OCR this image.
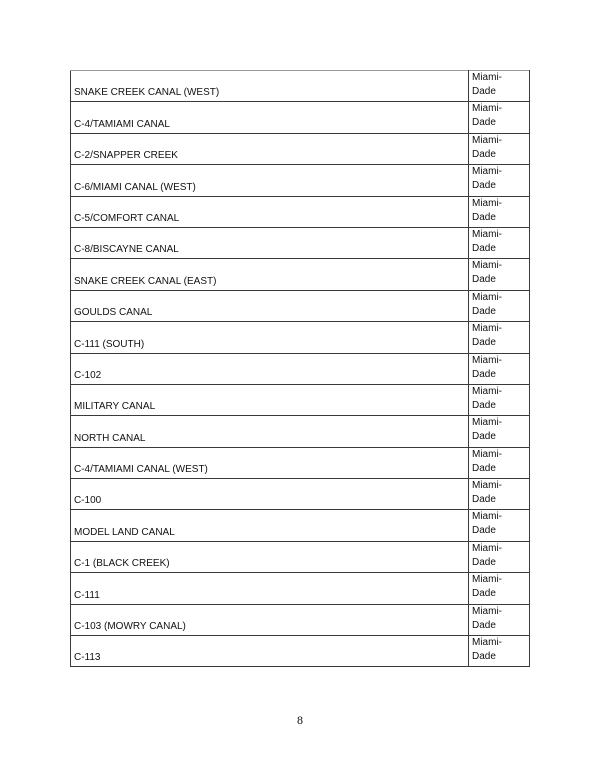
SNAKE CREEK CANAL (WEST)	Miami-
Dade
C-4/TAMIAMI CANAL	Miami-
Dade
C-2/SNAPPER CREEK	Miami-
Dade
C-6/MIAMI CANAL (WEST)	Miami-
Dade
C-5/COMFORT CANAL	Miami-
Dade
C-8/BISCAYNE CANAL	Miami-
Dade
SNAKE CREEK CANAL (EAST)	Miami-
Dade
GOULDS CANAL	Miami-
Dade
C-111 (SOUTH)	Miami-
Dade
C-102	Miami-
Dade
MILITARY CANAL	Miami-
Dade
NORTH CANAL	Miami-
Dade
C-4/TAMIAMI CANAL (WEST)	Miami-
Dade
C-100	Miami-
Dade
MODEL LAND CANAL	Miami-
Dade
C-1 (BLACK CREEK)	Miami-
Dade
C-111	Miami-
Dade
C-103 (MOWRY CANAL)	Miami-
Dade
C-113	Miami-
Dade
8
